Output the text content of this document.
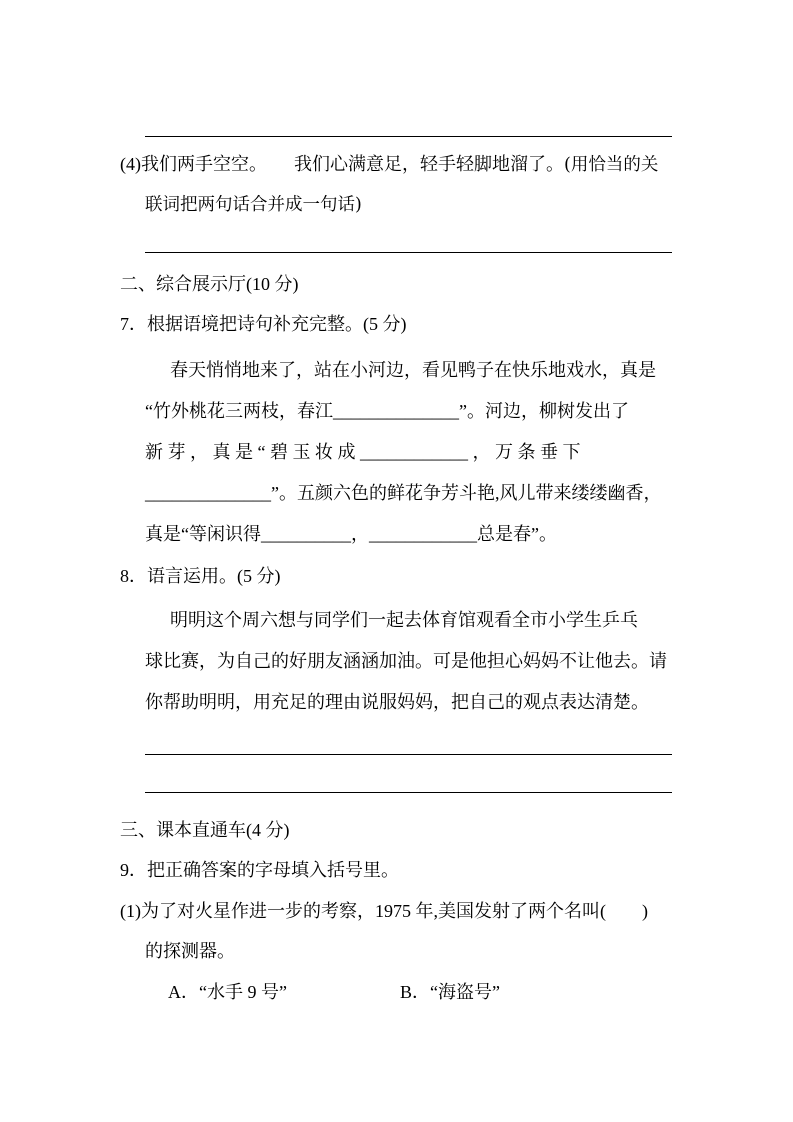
(4)我们两手空空。　　我们心满意足，轻手轻脚地溜了。(用恰当的关
联词把两句话合并成一句话)
二、综合展示厅(10 分)
7．根据语境把诗句补充完整。(5 分)
春天悄悄地来了，站在小河边，看见鸭子在快乐地戏水，真是
“竹外桃花三两枝，春江______________”。河边，柳树发出了
新 芽 ， 真 是 “ 碧 玉 妆 成 ____________ ， 万 条 垂 下
______________”。五颜六色的鲜花争芳斗艳,风儿带来缕缕幽香，
真是“等闲识得__________，____________总是春”。
8．语言运用。(5 分)
明明这个周六想与同学们一起去体育馆观看全市小学生乒乓
球比赛，为自己的好朋友涵涵加油。可是他担心妈妈不让他去。请
你帮助明明，用充足的理由说服妈妈，把自己的观点表达清楚。
三、课本直通车(4 分)
9．把正确答案的字母填入括号里。
(1)为了对火星作进一步的考察，1975 年,美国发射了两个名叫(　　)
的探测器。
A．“水手 9 号”	B．“海盗号”
